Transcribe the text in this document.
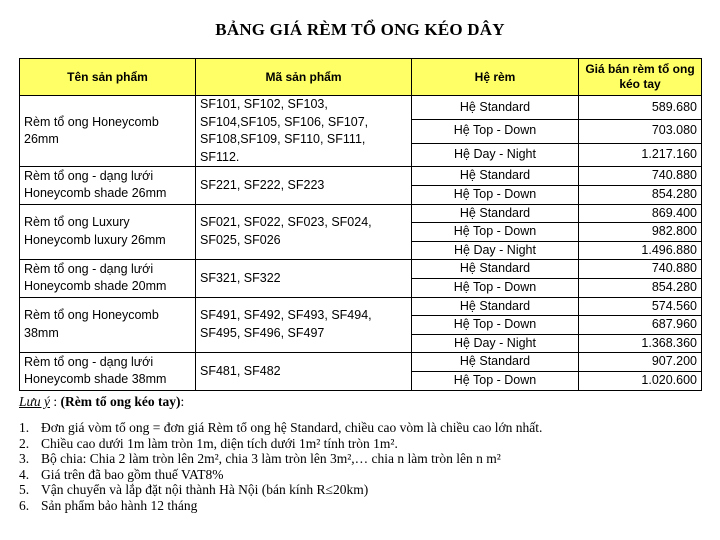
BẢNG GIÁ RÈM TỔ ONG KÉO DÂY
Tên sản phẩm	Mã sản phẩm	Hệ rèm	Giá bán rèm tổ ong kéo tay
Rèm tổ ong Honeycomb 26mm	SF101, SF102, SF103, SF104,SF105, SF106, SF107, SF108,SF109, SF110, SF111, SF112.	Hệ Standard	589.680
		Hệ Top - Down	703.080
		Hệ Day - Night	1.217.160
Rèm tổ ong - dạng lưới Honeycomb shade 26mm	SF221, SF222, SF223	Hệ Standard	740.880
		Hệ Top - Down	854.280
Rèm tổ ong Luxury Honeycomb luxury 26mm	SF021, SF022, SF023, SF024, SF025, SF026	Hệ Standard	869.400
		Hệ Top - Down	982.800
		Hệ Day - Night	1.496.880
Rèm tổ ong - dạng lưới Honeycomb shade 20mm	SF321, SF322	Hệ Standard	740.880
		Hệ Top - Down	854.280
Rèm tổ ong Honeycomb 38mm	SF491, SF492, SF493, SF494, SF495, SF496, SF497	Hệ Standard	574.560
		Hệ Top - Down	687.960
		Hệ Day - Night	1.368.360
Rèm tổ ong - dạng lưới Honeycomb shade 38mm	SF481, SF482	Hệ Standard	907.200
		Hệ Top - Down	1.020.600
Lưu ý : (Rèm tổ ong kéo tay):
1. Đơn giá vòm tổ ong = đơn giá Rèm tổ ong hệ Standard, chiều cao vòm là chiều cao lớn nhất.
2. Chiều cao dưới 1m làm tròn 1m, diện tích dưới 1m² tính tròn 1m².
3. Bộ chia: Chia 2 làm tròn lên 2m², chia 3 làm tròn lên 3m²,… chia n làm tròn lên n m²
4. Giá trên đã bao gồm thuế VAT8%
5. Vận chuyển và lắp đặt nội thành Hà Nội (bán kính R≤20km)
6. Sản phẩm bảo hành 12 tháng
